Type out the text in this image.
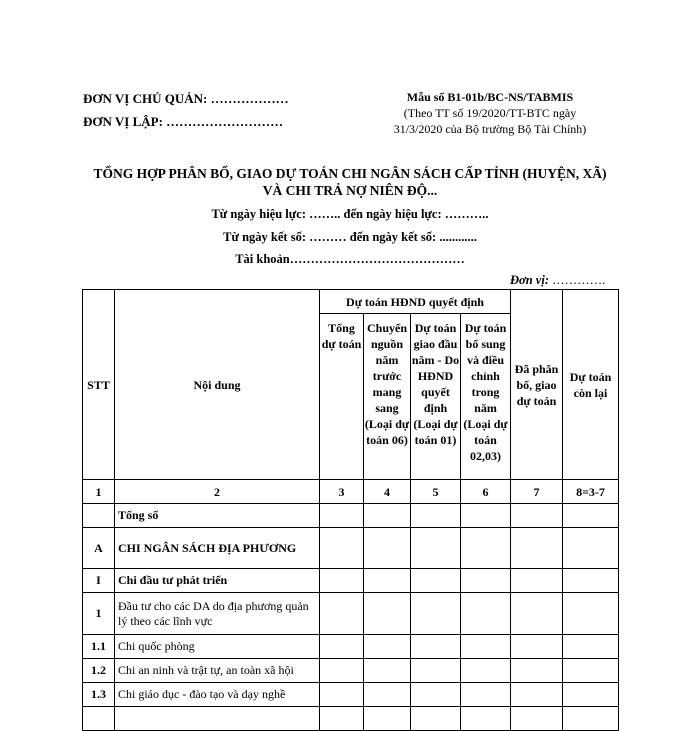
ĐƠN VỊ CHỦ QUẢN: ………………
ĐƠN VỊ LẬP: ………………………
Mẫu số B1-01b/BC-NS/TABMIS
(Theo TT số 19/2020/TT-BTC ngày
31/3/2020 của Bộ trường Bộ Tài Chính)
TỔNG HỢP PHÂN BỔ, GIAO DỰ TOÁN CHI NGÂN SÁCH CẤP TỈNH (HUYỆN, XÃ)
VÀ CHI TRẢ NỢ NIÊN ĐỘ...
Từ ngày hiệu lực: …….. đến ngày hiệu lực: ………..
Từ ngày kết số: ……… đến ngày kết số: ............
Tài khoản……………………………………
Đơn vị: ………….
STT	Nội dung	Dự toán HĐND quyết định				Đã phân bổ, giao dự toán	Dự toán còn lại
		Tổng dự toán	Chuyển nguồn năm trước mang sang (Loại dự toán 06)	Dự toán giao đầu năm - Do HĐND quyết định (Loại dự toán 01)	Dự toán bổ sung và điều chỉnh trong năm (Loại dự toán 02,03)		
1	2	3	4	5	6	7	8=3-7
	Tổng số						
A	CHI NGÂN SÁCH ĐỊA PHƯƠNG						
I	Chi đầu tư phát triển						
1	Đầu tư cho các DA do địa phương quản lý theo các lĩnh vực						
1.1	Chi quốc phòng						
1.2	Chi an ninh và trật tự, an toàn xã hội						
1.3	Chi giáo dục - đào tạo và dạy nghề						
